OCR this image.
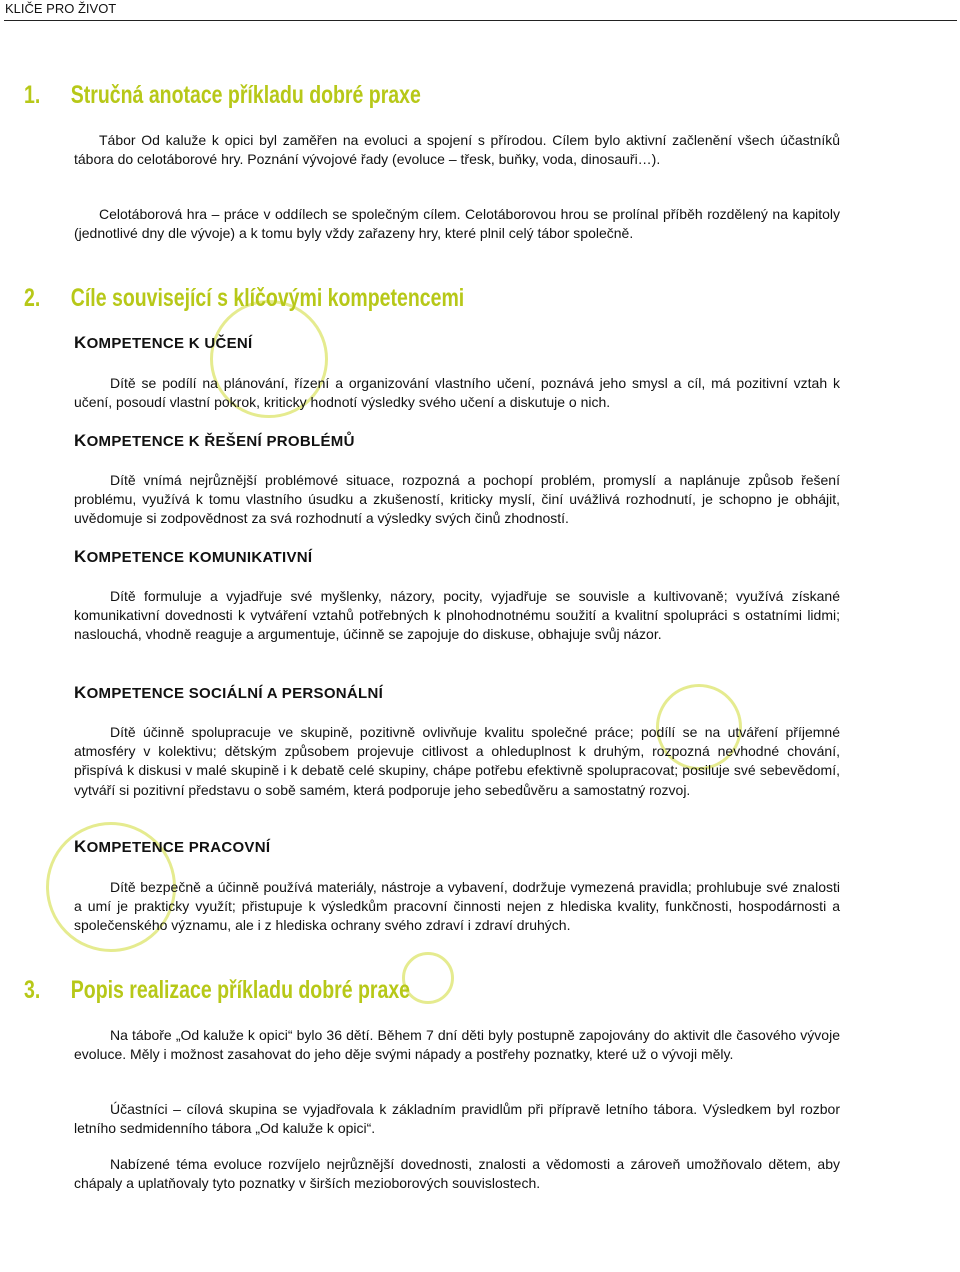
KLIČE PRO ŽIVOT
1. Stručná anotace příkladu dobré praxe

Tábor Od kaluže k opici byl zaměřen na evoluci a spojení s přírodou. Cílem bylo aktivní začlenění všech účastníků tábora do celotáborové hry. Poznání vývojové řady (evoluce – třesk, buňky, voda, dinosauři…).

Celotáborová hra – práce v oddílech se společným cílem. Celotáborovou hrou se prolínal příběh rozdělený na kapitoly (jednotlivé dny dle vývoje) a k tomu byly vždy zařazeny hry, které plnil celý tábor společně.

2. Cíle související s klíčovými kompetencemi
KOMPETENCE K UČENÍ

Dítě se podílí na plánování, řízení a organizování vlastního učení, poznává jeho smysl a cíl, má pozitivní vztah k učení, posoudí vlastní pokrok, kriticky hodnotí výsledky svého učení a diskutuje o nich.

KOMPETENCE K ŘEŠENÍ PROBLÉMŮ

Dítě vnímá nejrůznější problémové situace, rozpozná a pochopí problém, promyslí a naplánuje způsob řešení problému, využívá k tomu vlastního úsudku a zkušeností, kriticky myslí, činí uvážlivá rozhodnutí, je schopno je obhájit, uvědomuje si zodpovědnost za svá rozhodnutí a výsledky svých činů zhodností.

KOMPETENCE KOMUNIKATIVNÍ

Dítě formuluje a vyjadřuje své myšlenky, názory, pocity, vyjadřuje se souvisle a kultivovaně; využívá získané komunikativní dovednosti k vytváření vztahů potřebných k plnohodnotnému soužití a kvalitní spolupráci s ostatními lidmi; naslouchá, vhodně reaguje a argumentuje, účinně se zapojuje do diskuse, obhajuje svůj názor.

KOMPETENCE SOCIÁLNÍ A PERSONÁLNÍ

Dítě účinně spolupracuje ve skupině, pozitivně ovlivňuje kvalitu společné práce; podílí se na utváření příjemné atmosféry v kolektivu; dětským způsobem projevuje citlivost a ohleduplnost k druhým, rozpozná nevhodné chování, přispívá k diskusi v malé skupině i k debatě celé skupiny, chápe potřebu efektivně spolupracovat; posiluje své sebevědomí, vytváří si pozitivní představu o sobě samém, která podporuje jeho sebedůvěru a samostatný rozvoj.

KOMPETENCE PRACOVNÍ

Dítě bezpečně a účinně používá materiály, nástroje a vybavení, dodržuje vymezená pravidla; prohlubuje své znalosti a umí je prakticky využít; přistupuje k výsledkům pracovní činnosti nejen z hlediska kvality, funkčnosti, hospodárnosti a společenského významu, ale i z hlediska ochrany svého zdraví i zdraví druhých.

3. Popis realizace příkladu dobré praxe

Na táboře „Od kaluže k opici“ bylo 36 dětí. Během 7 dní děti byly postupně zapojovány do aktivit dle časového vývoje evoluce. Měly i možnost zasahovat do jeho děje svými nápady a postřehy poznatky, které už o vývoji měly.

Účastníci – cílová skupina se vyjadřovala k základním pravidlům při přípravě letního tábora. Výsledkem byl rozbor letního sedmidenního tábora „Od kaluže k opici“.

Nabízené téma evoluce rozvíjelo nejrůznější dovednosti, znalosti a vědomosti a zároveň umožňovalo dětem, aby chápaly a uplatňovaly tyto poznatky v širších mezioborových souvislostech.
